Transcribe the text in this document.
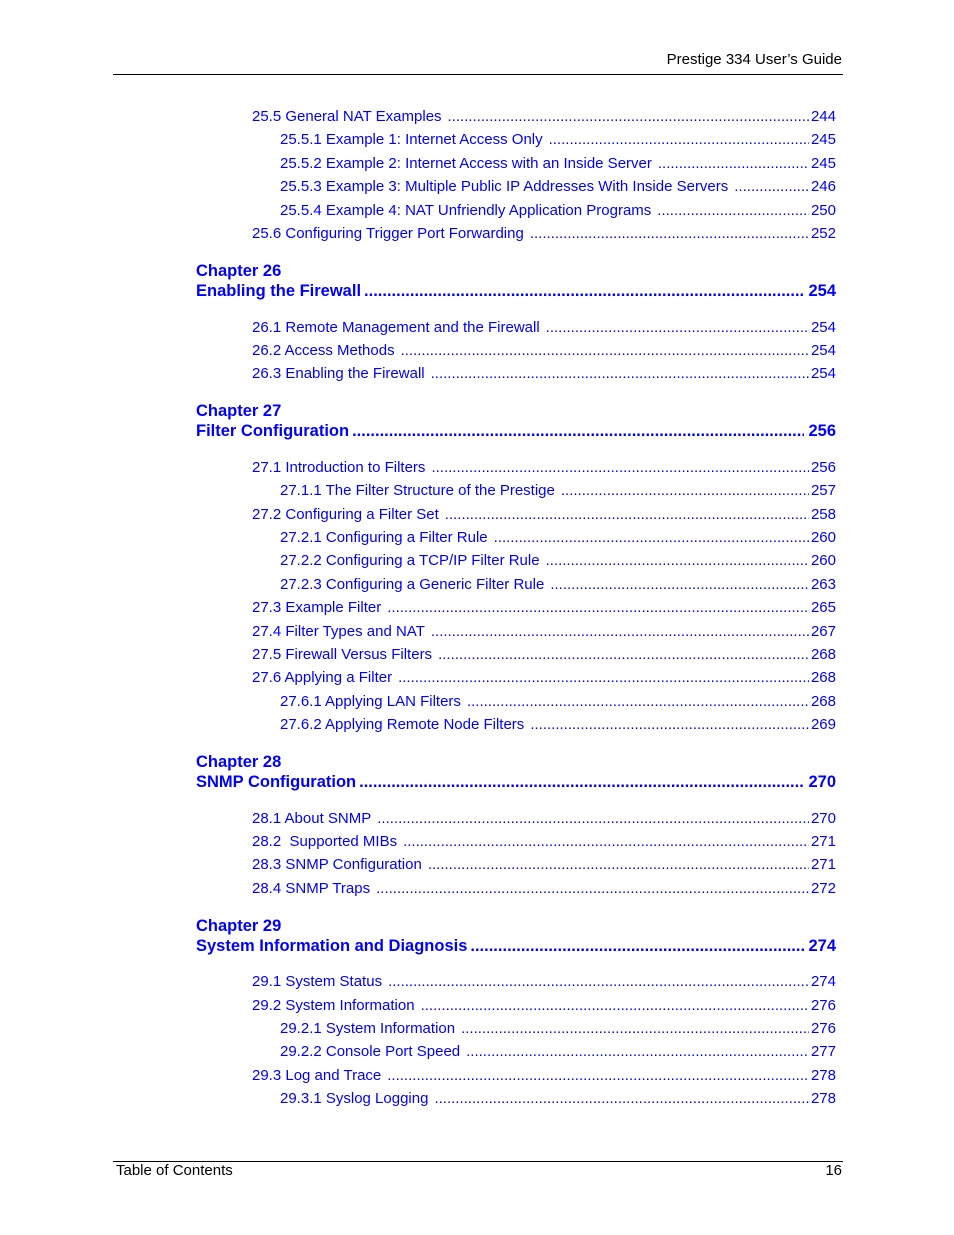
Prestige 334 User’s Guide
25.5 General NAT Examples .....	244
25.5.1 Example 1: Internet Access Only .....	245
25.5.2 Example 2: Internet Access with an Inside Server .....	245
25.5.3 Example 3: Multiple Public IP Addresses With Inside Servers .....	246
25.5.4 Example 4: NAT Unfriendly Application Programs .....	250
25.6 Configuring Trigger Port Forwarding .....	252
Chapter 26
Enabling the Firewall .....	254
26.1 Remote Management and the Firewall .....	254
26.2 Access Methods .....	254
26.3 Enabling the Firewall .....	254
Chapter 27
Filter Configuration .....	256
27.1 Introduction to Filters .....	256
27.1.1 The Filter Structure of the Prestige .....	257
27.2 Configuring a Filter Set .....	258
27.2.1 Configuring a Filter Rule .....	260
27.2.2 Configuring a TCP/IP Filter Rule .....	260
27.2.3 Configuring a Generic Filter Rule .....	263
27.3 Example Filter .....	265
27.4 Filter Types and NAT .....	267
27.5 Firewall Versus Filters .....	268
27.6 Applying a Filter .....	268
27.6.1 Applying LAN Filters .....	268
27.6.2 Applying Remote Node Filters .....	269
Chapter 28
SNMP Configuration .....	270
28.1 About SNMP .....	270
28.2  Supported MIBs .....	271
28.3 SNMP Configuration .....	271
28.4 SNMP Traps .....	272
Chapter 29
System Information and Diagnosis .....	274
29.1 System Status .....	274
29.2 System Information .....	276
29.2.1 System Information .....	276
29.2.2 Console Port Speed .....	277
29.3 Log and Trace .....	278
29.3.1 Syslog Logging .....	278
Table of Contents	16
